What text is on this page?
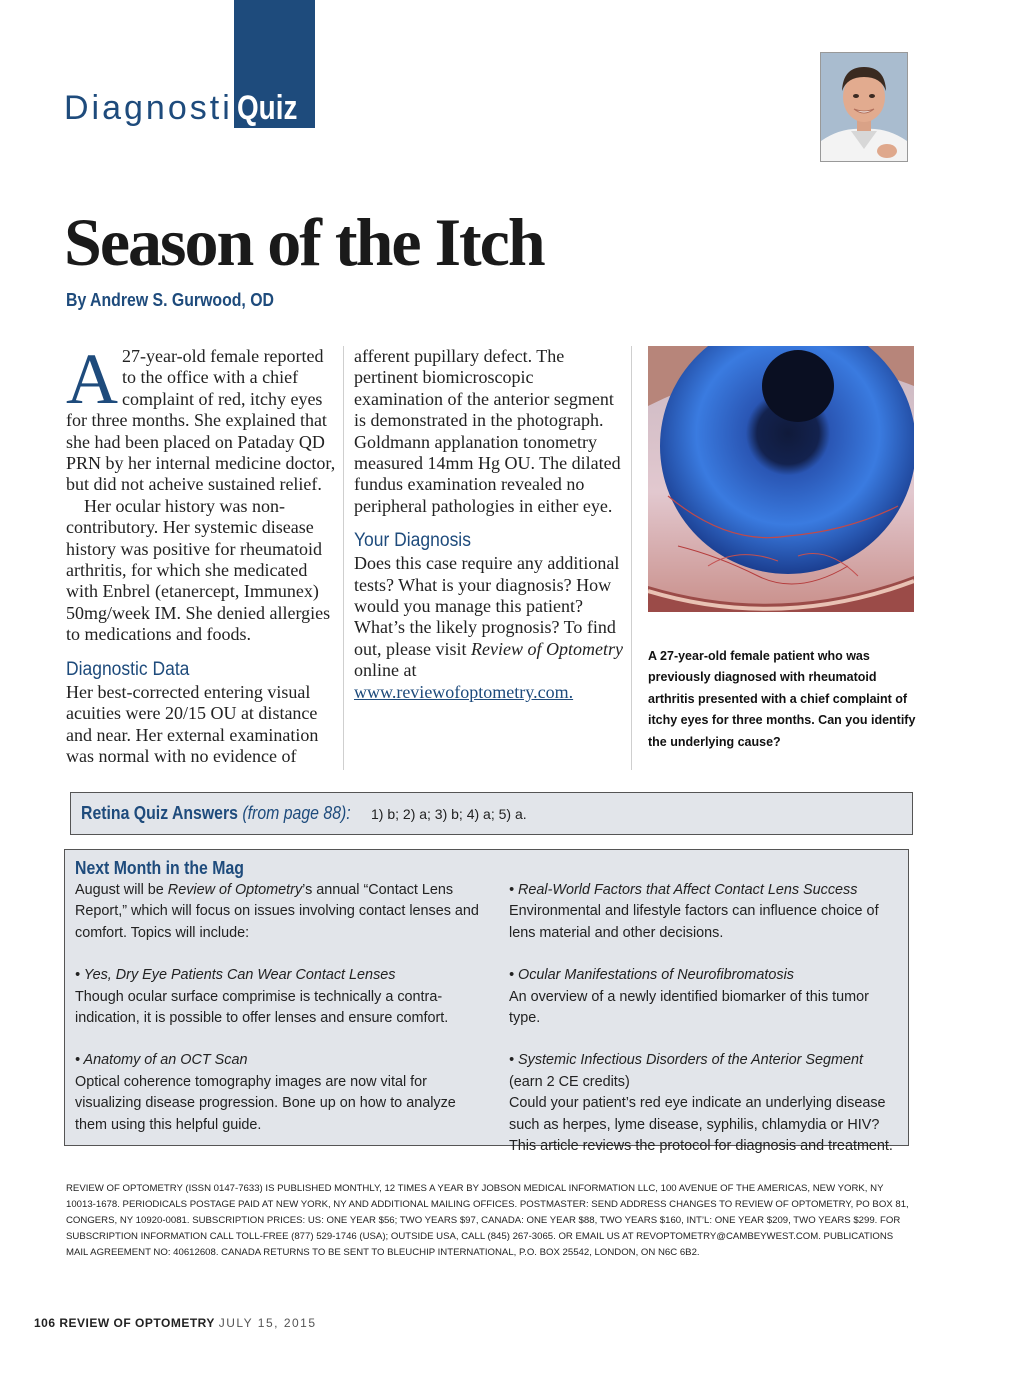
Diagnostic
Quiz
Season of the Itch
By Andrew S. Gurwood, OD

A 27-year-old female reported to the office with a chief complaint of red, itchy eyes for three months. She explained that she had been placed on Pataday QD PRN by her internal medicine doctor, but did not acheive sustained relief.

Her ocular history was non-contributory. Her systemic disease history was positive for rheumatoid arthritis, for which she medicated with Enbrel (etanercept, Immunex) 50mg/week IM. She denied allergies to medications and foods.

Diagnostic Data

Her best-corrected entering visual acuities were 20/15 OU at distance and near. Her external examination was normal with no evidence of

afferent pupillary defect. The pertinent biomicroscopic examination of the anterior segment is demonstrated in the photograph. Goldmann applanation tonometry measured 14mm Hg OU. The dilated fundus examination revealed no peripheral pathologies in either eye.

Your Diagnosis

Does this case require any additional tests? What is your diagnosis? How would you manage this patient? What’s the likely prognosis? To find out, please visit Review of Optometry online at www.reviewofoptometry.com.

A 27-year-old female patient who was previously diagnosed with rheumatoid arthritis presented with a chief complaint of itchy eyes for three months. Can you identify the underlying cause?
Retina Quiz Answers (from page 88): 1) b; 2) a; 3) b; 4) a; 5) a.
Next Month in the Mag

August will be Review of Optometry’s annual “Contact Lens Report,” which will focus on issues involving contact lenses and comfort. Topics will include:

• Yes, Dry Eye Patients Can Wear Contact Lenses

Though ocular surface comprimise is technically a contra-indication, it is possible to offer lenses and ensure comfort.

• Anatomy of an OCT Scan

Optical coherence tomography images are now vital for visualizing disease progression. Bone up on how to analyze them using this helpful guide.

• Real-World Factors that Affect Contact Lens Success

Environmental and lifestyle factors can influence choice of lens material and other decisions.

• Ocular Manifestations of Neurofibromatosis

An overview of a newly identified biomarker of this tumor type.

• Systemic Infectious Disorders of the Anterior Segment

(earn 2 CE credits)

Could your patient’s red eye indicate an underlying disease such as herpes, lyme disease, syphilis, chlamydia or HIV? This article reviews the protocol for diagnosis and treatment.

REVIEW OF OPTOMETRY (ISSN 0147-7633) IS PUBLISHED MONTHLY, 12 TIMES A YEAR BY JOBSON MEDICAL INFORMATION LLC, 100 AVENUE OF THE AMERICAS, NEW YORK, NY 10013-1678. PERIODICALS POSTAGE PAID AT NEW YORK, NY AND ADDITIONAL MAILING OFFICES. POSTMASTER: SEND ADDRESS CHANGES TO REVIEW OF OPTOMETRY, PO BOX 81, CONGERS, NY 10920-0081. SUBSCRIPTION PRICES: US: ONE YEAR $56; TWO YEARS $97, CANADA: ONE YEAR $88, TWO YEARS $160, INT’L: ONE YEAR $209, TWO YEARS $299. FOR SUBSCRIPTION INFORMATION CALL TOLL-FREE (877) 529-1746 (USA); OUTSIDE USA, CALL (845) 267-3065. OR EMAIL US AT REVOPTOMETRY@CAMBEYWEST.COM. PUBLICATIONS MAIL AGREEMENT NO: 40612608. CANADA RETURNS TO BE SENT TO BLEUCHIP INTERNATIONAL, P.O. BOX 25542, LONDON, ON N6C 6B2.
106 REVIEW OF OPTOMETRY JULY 15, 2015
